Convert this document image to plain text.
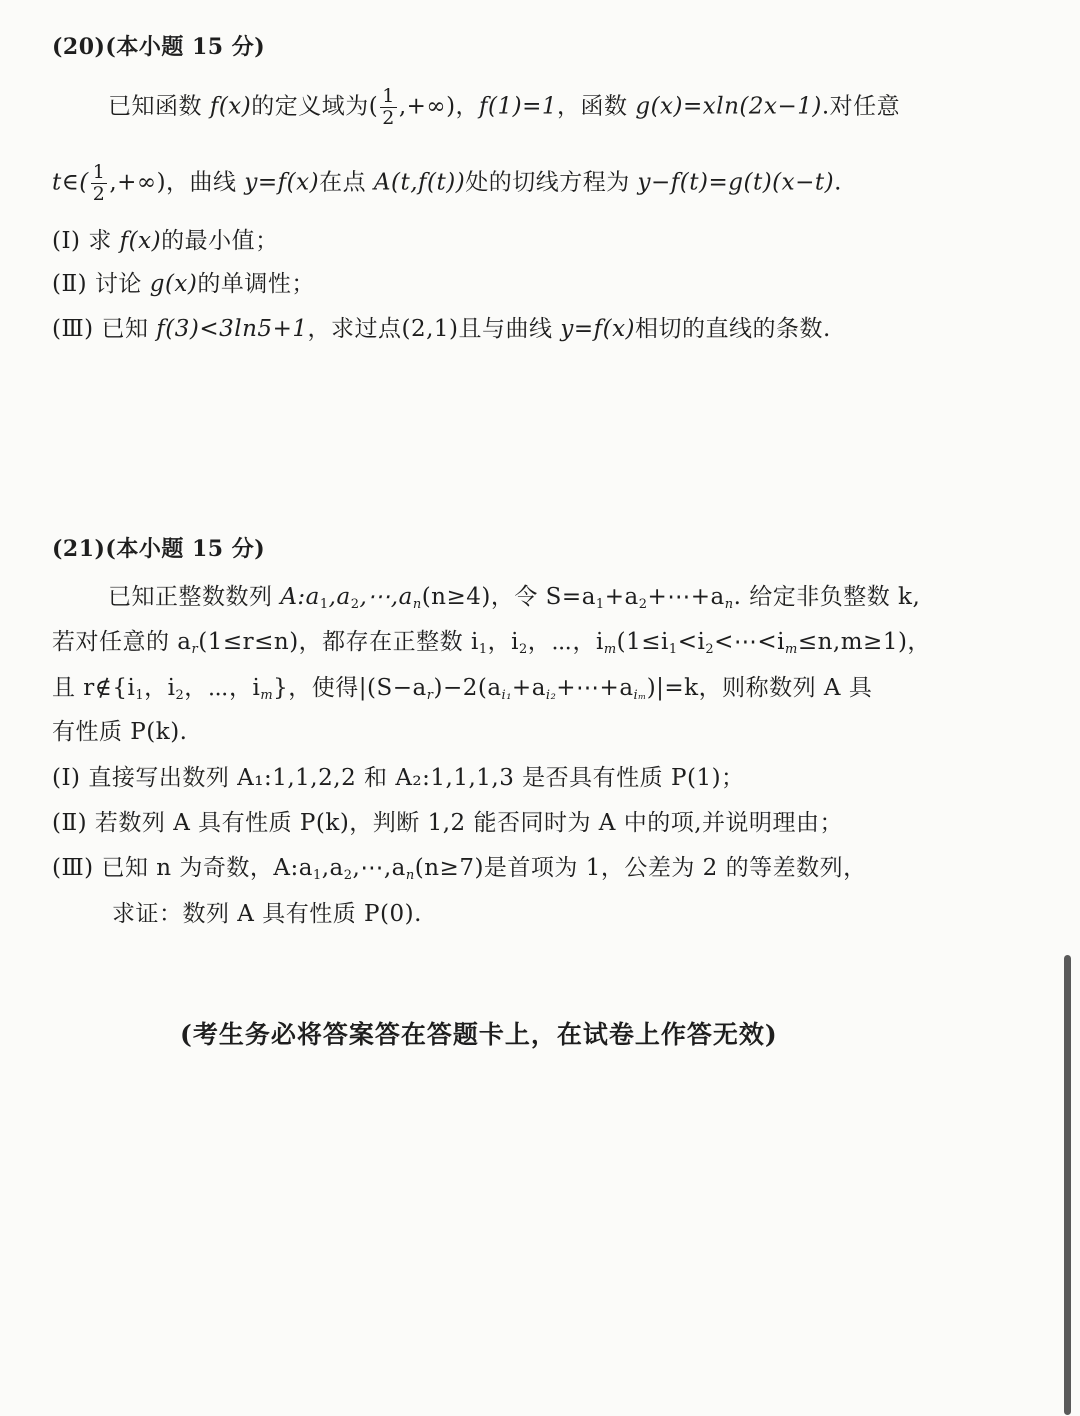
(20)(本小题 15 分)
已知函数 f(x)的定义域为( $\frac{1}{2}$ ,+∞)，f(1)=1，函数 g(x)=xln(2x−1).对任意
t∈( $\frac{1}{2}$ ,+∞)，曲线 y=f(x)在点 A(t,f(t))处的切线方程为 y−f(t)=g(t)(x−t).
(Ⅰ) 求 f(x)的最小值；
(Ⅱ) 讨论 g(x)的单调性；
(Ⅲ) 已知 f(3)<3ln5+1，求过点(2,1)且与曲线 y=f(x)相切的直线的条数.
(21)(本小题 15 分)
已知正整数数列 $A:a_1,a_2,\cdots,a_n(n\ge 4)$，令 $S=a_1+a_2+\cdots+a_n$. 给定非负整数 k,
若对任意的 $a_r(1\le r\le n)$，都存在正整数 $i_1$，$i_2$，⋯，$i_m(1\le i_1<i_2<\cdots<i_m\le n,m\ge 1)$，
且 $r\notin\{i_1$，$i_2$，⋯，$i_m$}，使得$|(S-a_r)-2(a_{i_1}+a_{i_2}+\cdots+a_{i_m})|=k$，则称数列 A 具
有性质 P(k).
(Ⅰ) 直接写出数列 A₁:1,1,2,2 和 A₂:1,1,1,3 是否具有性质 P(1)；
(Ⅱ) 若数列 A 具有性质 P(k)，判断 1,2 能否同时为 A 中的项,并说明理由；
(Ⅲ) 已知 n 为奇数，$A:a_1,a_2,\cdots,a_n(n\ge 7)$是首项为 1，公差为 2 的等差数列，
求证：数列 A 具有性质 P(0).
(考生务必将答案答在答题卡上，在试卷上作答无效)
